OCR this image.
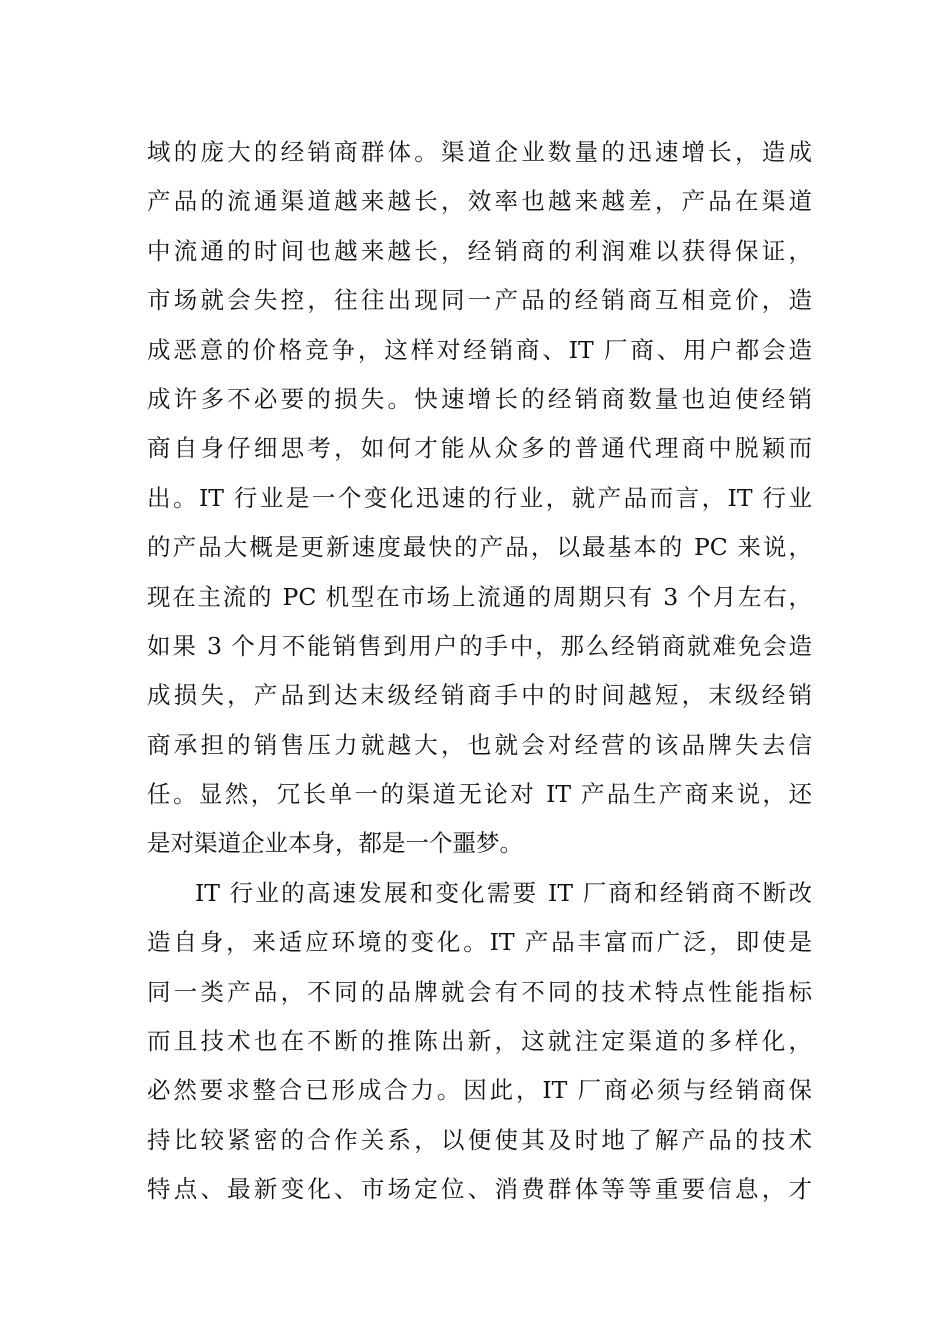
域的庞大的经销商群体。渠道企业数量的迅速增长，造成
产品的流通渠道越来越长，效率也越来越差，产品在渠道
中流通的时间也越来越长，经销商的利润难以获得保证，
市场就会失控，往往出现同一产品的经销商互相竞价，造
成恶意的价格竞争，这样对经销商、IT 厂商、用户都会造
成许多不必要的损失。快速增长的经销商数量也迫使经销
商自身仔细思考，如何才能从众多的普通代理商中脱颖而
出。IT 行业是一个变化迅速的行业，就产品而言，IT 行业
的产品大概是更新速度最快的产品，以最基本的 PC 来说，
现在主流的 PC 机型在市场上流通的周期只有 3 个月左右，
如果 3 个月不能销售到用户的手中，那么经销商就难免会造
成损失，产品到达末级经销商手中的时间越短，末级经销
商承担的销售压力就越大，也就会对经营的该品牌失去信
任。显然，冗长单一的渠道无论对 IT 产品生产商来说，还
是对渠道企业本身，都是一个噩梦。
IT 行业的高速发展和变化需要 IT 厂商和经销商不断改
造自身，来适应环境的变化。IT 产品丰富而广泛，即使是
同一类产品，不同的品牌就会有不同的技术特点性能指标
而且技术也在不断的推陈出新，这就注定渠道的多样化，
必然要求整合已形成合力。因此，IT 厂商必须与经销商保
持比较紧密的合作关系，以便使其及时地了解产品的技术
特点、最新变化、市场定位、消费群体等等重要信息，才
